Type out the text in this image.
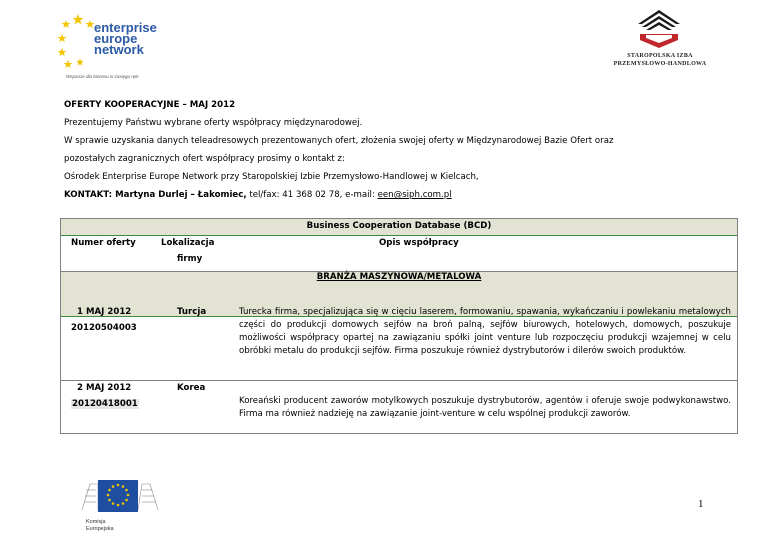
enterprise
europe
network
Wsparcie dla biznesu w zasięgu ręki
STAROPOLSKA IZBA
PRZEMYSŁOWO-HANDLOWA
OFERTY KOOPERACYJNE – MAJ 2012
Prezentujemy Państwu wybrane oferty współpracy międzynarodowej.
W sprawie uzyskania danych teleadresowych prezentowanych ofert, złożenia swojej oferty w Międzynarodowej Bazie Ofert oraz
pozostałych zagranicznych ofert współpracy prosimy o kontakt z:
Ośrodek Enterprise Europe Network przy Staropolskiej Izbie Przemysłowo-Handlowej w Kielcach,
KONTAKT: Martyna Durlej – Łakomiec, tel/fax: 41 368 02 78, e-mail: een@siph.com.pl
Business Cooperation Database (BCD)
Numer oferty	Lokalizacja
firmy
Opis współpracy
BRANŻA MASZYNOWA/METALOWA
1 MAJ 2012
20120504003
Turcja	Turecka firma, specjalizująca się w cięciu laserem, formowaniu, spawania, wykańczaniu i powlekaniu metalowych części do produkcji domowych sejfów na broń palną, sejfów biurowych, hotelowych, domowych, poszukuje możliwości współpracy opartej na zawiązaniu spółki joint venture lub rozpoczęciu produkcji wzajemnej w celu obróbki metalu do produkcji sejfów. Firma poszukuje również dystrybutorów i dilerów swoich produktów.
2 MAJ 2012
20120418001
Korea
Koreański producent zaworów motylkowych poszukuje dystrybutorów, agentów i oferuje swoje podwykonawstwo. Firma ma również nadzieję na zawiązanie joint-venture w celu wspólnej produkcji zaworów.
Komisja
Europejska
1
